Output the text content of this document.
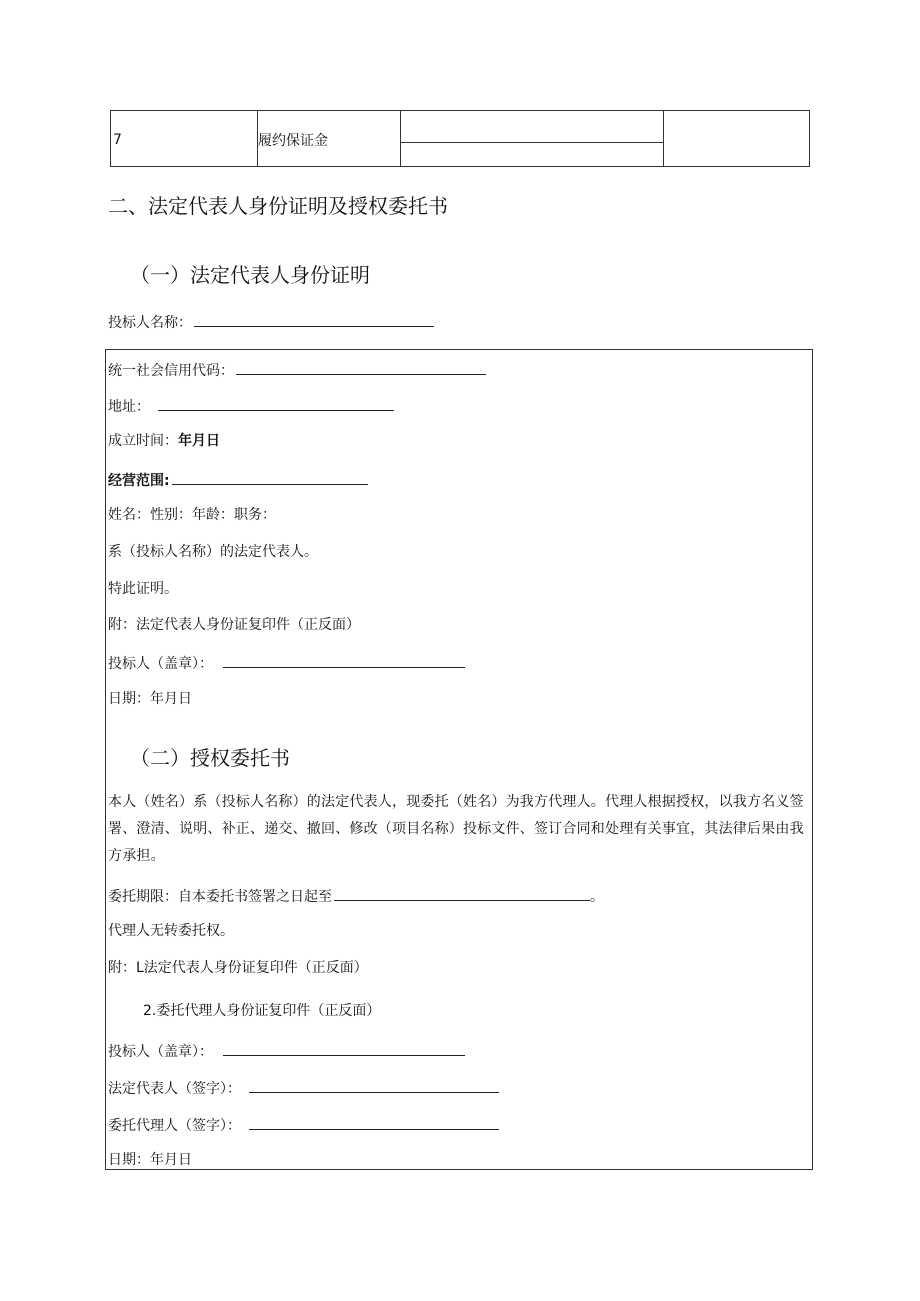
7	履约保证金
二、法定代表人身份证明及授权委托书
（一）法定代表人身份证明
投标人名称：
统一社会信用代码：
地址：
成立时间：年月日
经营范围:
姓名：性别：年龄：职务：
系（投标人名称）的法定代表人。
特此证明。
附：法定代表人身份证复印件（正反面）
投标人（盖章）：
日期：年月日
（二）授权委托书
本人（姓名）系（投标人名称）的法定代表人，现委托（姓名）为我方代理人。代理人根据授权，以我方名义签署、澄清、说明、补正、递交、撤回、修改（项目名称）投标文件、签订合同和处理有关事宜，其法律后果由我方承担。
委托期限：自本委托书签署之日起至	。
代理人无转委托权。
附：L法定代表人身份证复印件（正反面）
2.委托代理人身份证复印件（正反面）
投标人（盖章）：
法定代表人（签字）：
委托代理人（签字）：
日期：年月日
